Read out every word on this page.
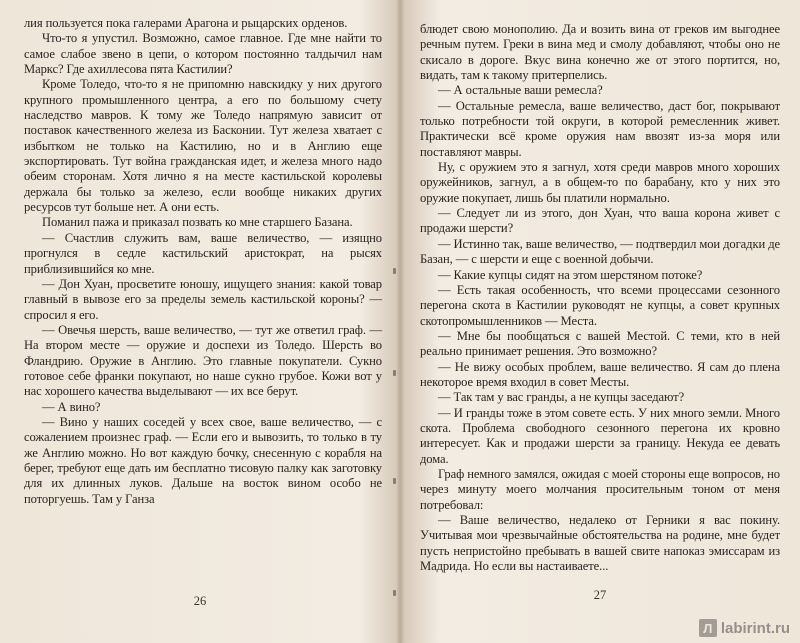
лия пользуется пока галерами Арагона и рыцарских орденов.

Что-то я упустил. Возможно, самое главное. Где мне найти то самое слабое звено в цепи, о котором постоянно талдычил нам Маркс? Где ахиллесова пята Кастилии?

Кроме Толедо, что-то я не припомню навскидку у них другого крупного промышленного центра, а его по большому счету наследство мавров. К тому же Толедо напрямую зависит от поставок качественного железа из Басконии. Тут железа хватает с избытком не только на Кастилию, но и в Англию еще экспортировать. Тут война гражданская идет, и железа много надо обеим сторонам. Хотя лично я на месте кастильской королевы держала бы только за железо, если вообще никаких других ресурсов тут больше нет. А они есть.

Поманил пажа и приказал позвать ко мне старшего Базана.

— Счастлив служить вам, ваше величество, — изящно прогнулся в седле кастильский аристократ, на рысях приблизившийся ко мне.

— Дон Хуан, просветите юношу, ищущего знания: какой товар главный в вывозе его за пределы земель кастильской короны? — спросил я его.

— Овечья шерсть, ваше величество, — тут же ответил граф. — На втором месте — оружие и доспехи из Толедо. Шерсть во Фландрию. Оружие в Англию. Это главные покупатели. Сукно готовое себе франки покупают, но наше сукно грубое. Кожи вот у нас хорошего качества выделывают — их все берут.

— А вино?

— Вино у наших соседей у всех свое, ваше величество, — с сожалением произнес граф. — Если его и вывозить, то только в ту же Англию можно. Но вот каждую бочку, снесенную с корабля на берег, требуют еще дать им бесплатно тисовую палку как заготовку для их длинных луков. Дальше на восток вином особо не поторгуешь. Там у Ганза

26

блюдет свою монополию. Да и возить вина от греков им выгоднее речным путем. Греки в вина мед и смолу добавляют, чтобы оно не скисало в дороге. Вкус вина конечно же от этого портится, но, видать, там к такому притерпелись.

— А остальные ваши ремесла?

— Остальные ремесла, ваше величество, даст бог, покрывают только потребности той округи, в которой ремесленник живет. Практически всё кроме оружия нам ввозят из-за моря или поставляют мавры.

Ну, с оружием это я загнул, хотя среди мавров много хороших оружейников, загнул, а в общем-то по барабану, кто у них это оружие покупает, лишь бы платили нормально.

— Следует ли из этого, дон Хуан, что ваша корона живет с продажи шерсти?

— Истинно так, ваше величество, — подтвердил мои догадки де Базан, — с шерсти и еще с военной добычи.

— Какие купцы сидят на этом шерстяном потоке?

— Есть такая особенность, что всеми процессами сезонного перегона скота в Кастилии руководят не купцы, а совет крупных скотопромышленников — Места.

— Мне бы пообщаться с вашей Местой. С теми, кто в ней реально принимает решения. Это возможно?

— Не вижу особых проблем, ваше величество. Я сам до плена некоторое время входил в совет Месты.

— Так там у вас гранды, а не купцы заседают?

— И гранды тоже в этом совете есть. У них много земли. Много скота. Проблема свободного сезонного перегона их кровно интересует. Как и продажи шерсти за границу. Некуда ее девать дома.

Граф немного замялся, ожидая с моей стороны еще вопросов, но через минуту моего молчания просительным тоном от меня потребовал:

— Ваше величество, недалеко от Герники я вас покину. Учитывая мои чрезвычайные обстоятельства на родине, мне будет пусть непристойно пребывать в вашей свите напоказ эмиссарам из Мадрида. Но если вы настаиваете...

27
Л labirint.ru
